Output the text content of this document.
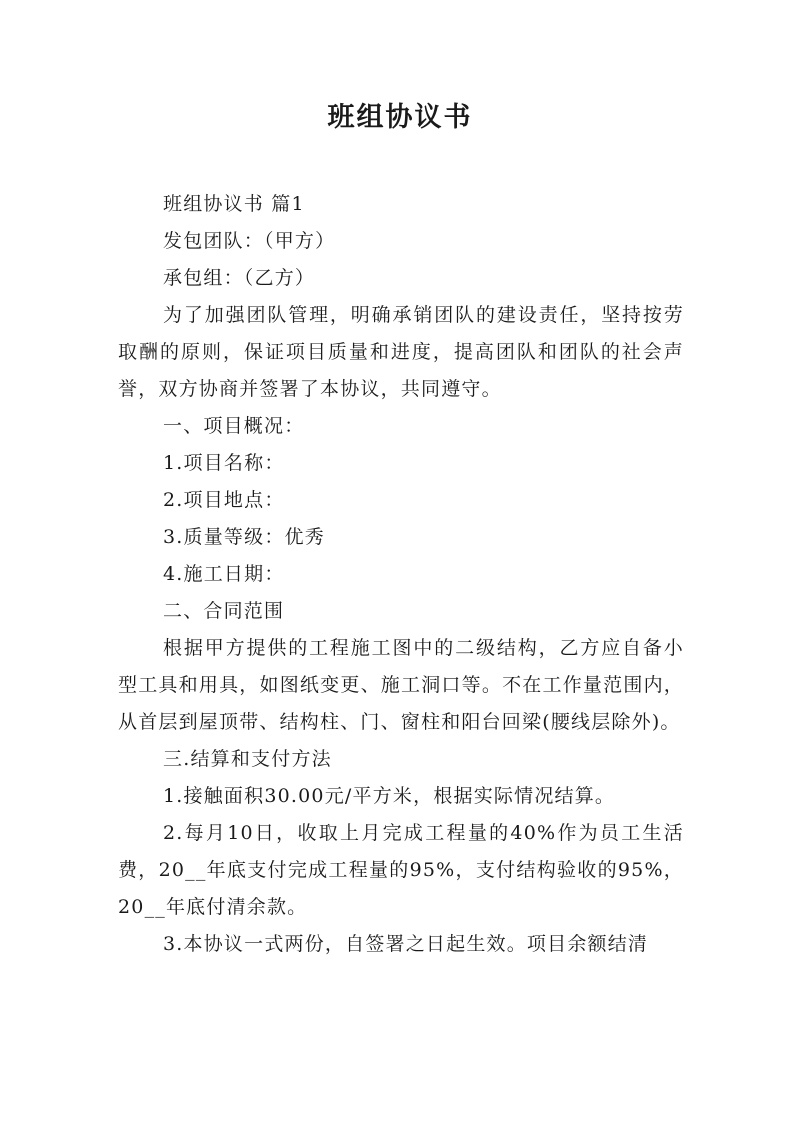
班组协议书

班组协议书 篇1

发包团队：（甲方）

承包组：（乙方）

为了加强团队管理，明确承销团队的建设责任，坚持按劳取酬的原则，保证项目质量和进度，提高团队和团队的社会声誉，双方协商并签署了本协议，共同遵守。

一、项目概况：

1.项目名称：

2.项目地点：

3.质量等级：优秀

4.施工日期：

二、合同范围

根据甲方提供的工程施工图中的二级结构，乙方应自备小型工具和用具，如图纸变更、施工洞口等。不在工作量范围内，从首层到屋顶带、结构柱、门、窗柱和阳台回梁(腰线层除外)。

三.结算和支付方法

1.接触面积30.00元/平方米，根据实际情况结算。

2.每月10日，收取上月完成工程量的40%作为员工生活费，20__年底支付完成工程量的95%，支付结构验收的95%，20__年底付清余款。

3.本协议一式两份，自签署之日起生效。项目余额结清
